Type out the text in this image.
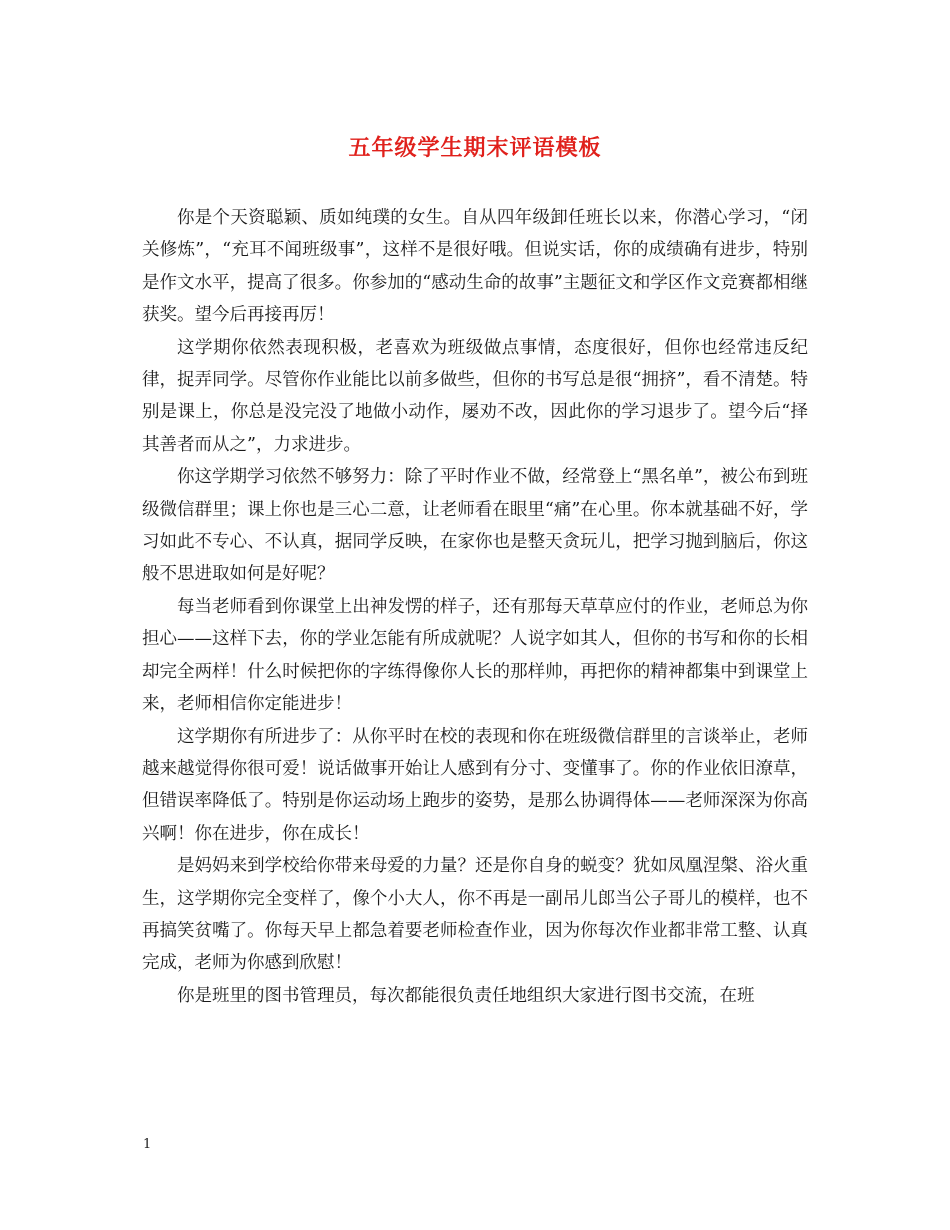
五年级学生期末评语模板

你是个天资聪颖、质如纯璞的女生。自从四年级卸任班长以来，你潜心学习，“闭关修炼”，“充耳不闻班级事”，这样不是很好哦。但说实话，你的成绩确有进步，特别是作文水平，提高了很多。你参加的“感动生命的故事”主题征文和学区作文竞赛都相继获奖。望今后再接再厉！

这学期你依然表现积极，老喜欢为班级做点事情，态度很好，但你也经常违反纪律，捉弄同学。尽管你作业能比以前多做些，但你的书写总是很“拥挤”，看不清楚。特别是课上，你总是没完没了地做小动作，屡劝不改，因此你的学习退步了。望今后“择其善者而从之”，力求进步。

你这学期学习依然不够努力：除了平时作业不做，经常登上“黑名单”，被公布到班级微信群里；课上你也是三心二意，让老师看在眼里“痛”在心里。你本就基础不好，学习如此不专心、不认真，据同学反映，在家你也是整天贪玩儿，把学习抛到脑后，你这般不思进取如何是好呢？

每当老师看到你课堂上出神发愣的样子，还有那每天草草应付的作业，老师总为你担心——这样下去，你的学业怎能有所成就呢？人说字如其人，但你的书写和你的长相却完全两样！什么时候把你的字练得像你人长的那样帅，再把你的精神都集中到课堂上来，老师相信你定能进步！

这学期你有所进步了：从你平时在校的表现和你在班级微信群里的言谈举止，老师越来越觉得你很可爱！说话做事开始让人感到有分寸、变懂事了。你的作业依旧潦草，但错误率降低了。特别是你运动场上跑步的姿势，是那么协调得体——老师深深为你高兴啊！你在进步，你在成长！

是妈妈来到学校给你带来母爱的力量？还是你自身的蜕变？犹如凤凰涅槃、浴火重生，这学期你完全变样了，像个小大人，你不再是一副吊儿郎当公子哥儿的模样，也不再搞笑贫嘴了。你每天早上都急着要老师检查作业，因为你每次作业都非常工整、认真完成，老师为你感到欣慰！

你是班里的图书管理员，每次都能很负责任地组织大家进行图书交流，在班

1
